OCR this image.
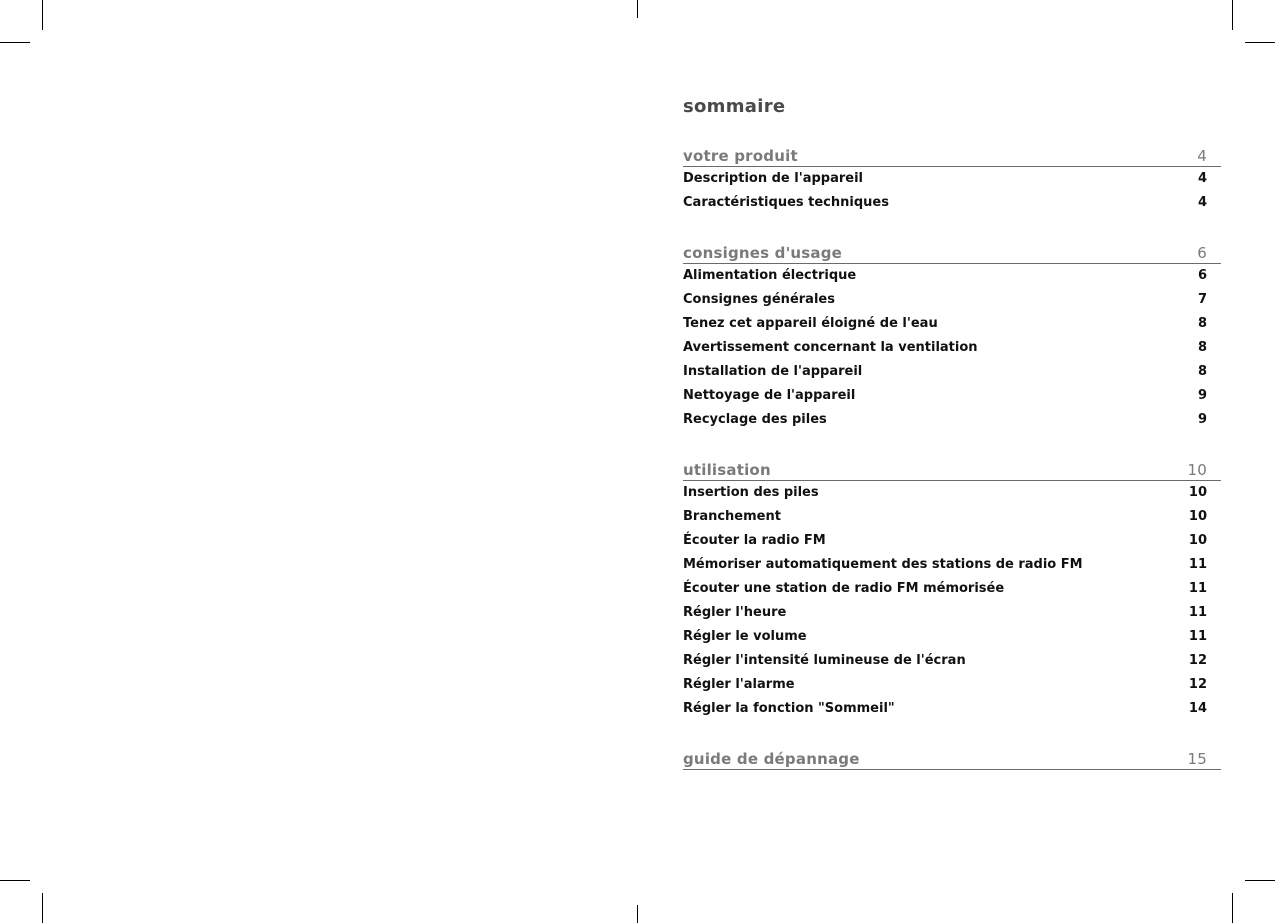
sommaire
votre produit	4
Description de l'appareil	4
Caractéristiques techniques	4
consignes d'usage	6
Alimentation électrique	6
Consignes générales	7
Tenez cet appareil éloigné de l'eau	8
Avertissement concernant la ventilation	8
Installation de l'appareil	8
Nettoyage de l'appareil	9
Recyclage des piles	9
utilisation	10
Insertion des piles	10
Branchement	10
Écouter la radio FM	10
Mémoriser automatiquement des stations de radio FM	11
Écouter une station de radio FM mémorisée	11
Régler l'heure	11
Régler le volume	11
Régler l'intensité lumineuse de l'écran	12
Régler l'alarme	12
Régler la fonction "Sommeil"	14
guide de dépannage	15
